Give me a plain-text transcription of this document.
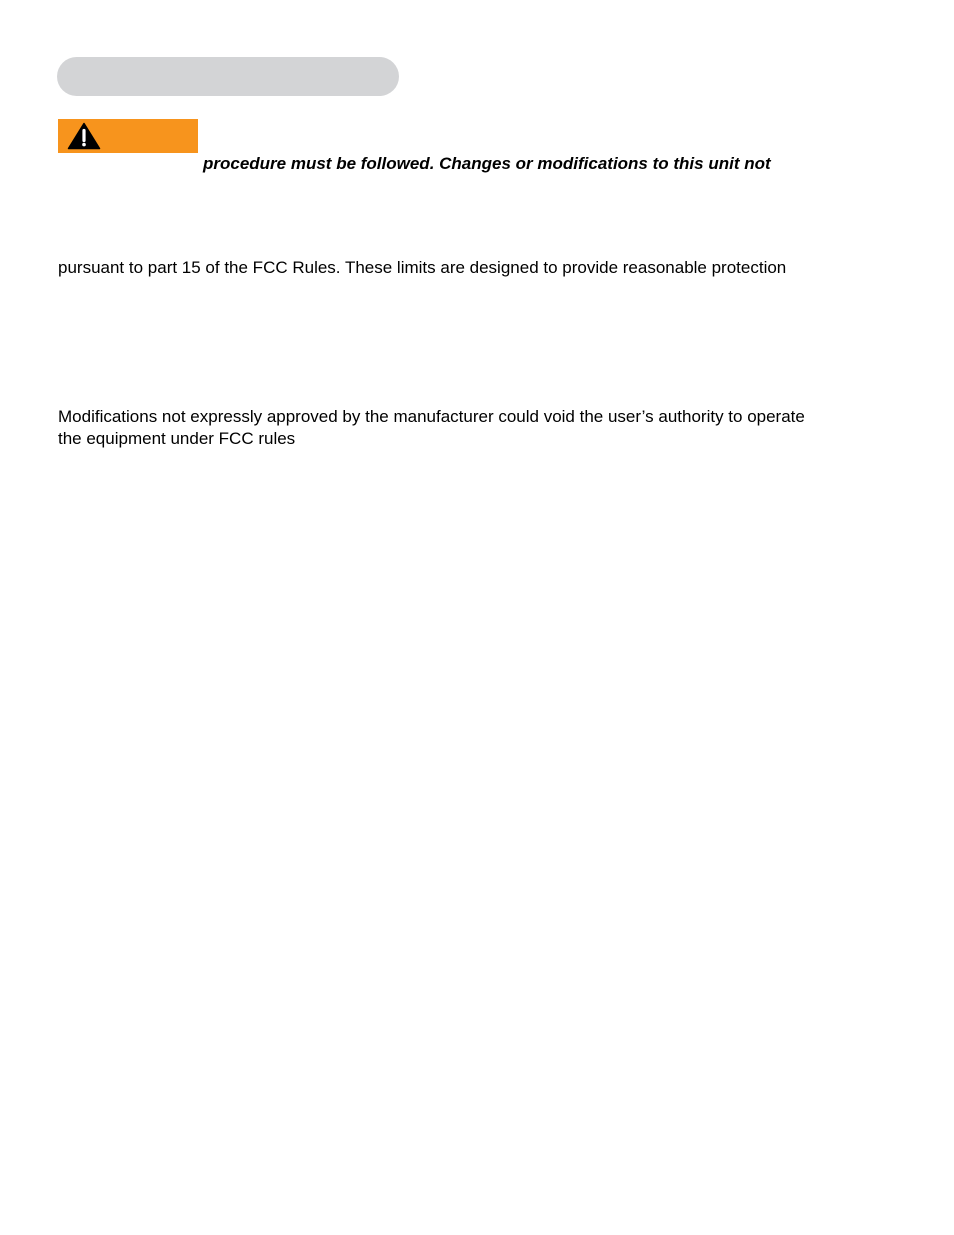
procedure must be followed. Changes or modifications to this unit not

pursuant to part 15 of the FCC Rules. These limits are designed to provide reasonable protection

Modifications not expressly approved by the manufacturer could void the user’s authority to operate

the equipment under FCC rules
